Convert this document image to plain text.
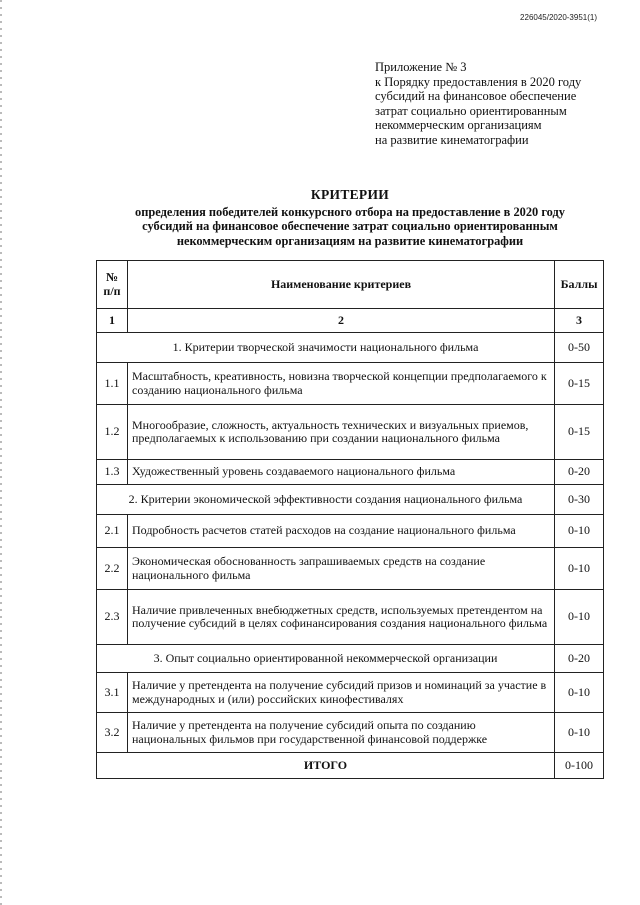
226045/2020-3951(1)
Приложение № 3
к Порядку предоставления в 2020 году
субсидий на финансовое обеспечение
затрат социально ориентированным
некоммерческим организациям
на развитие кинематографии
КРИТЕРИИ
определения победителей конкурсного отбора на предоставление в 2020 году
субсидий на финансовое обеспечение затрат социально ориентированным
некоммерческим организациям на развитие кинематографии
№ п/п	Наименование критериев	Баллы
1	2	3
1. Критерии творческой значимости национального фильма		0-50
1.1	Масштабность, креативность, новизна творческой концепции предполагаемого к созданию национального фильма	0-15
1.2	Многообразие, сложность, актуальность технических и визуальных приемов, предполагаемых к использованию при создании национального фильма	0-15
1.3	Художественный уровень создаваемого национального фильма	0-20
2. Критерии экономической эффективности создания национального фильма		0-30
2.1	Подробность расчетов статей расходов на создание национального фильма	0-10
2.2	Экономическая обоснованность запрашиваемых средств на создание национального фильма	0-10
2.3	Наличие привлеченных внебюджетных средств, используемых претендентом на получение субсидий в целях софинансирования создания национального фильма	0-10
3. Опыт социально ориентированной некоммерческой организации		0-20
3.1	Наличие у претендента на получение субсидий призов и номинаций за участие в международных и (или) российских кинофестивалях	0-10
3.2	Наличие у претендента на получение субсидий опыта по созданию национальных фильмов при государственной финансовой поддержке	0-10
ИТОГО		0-100
